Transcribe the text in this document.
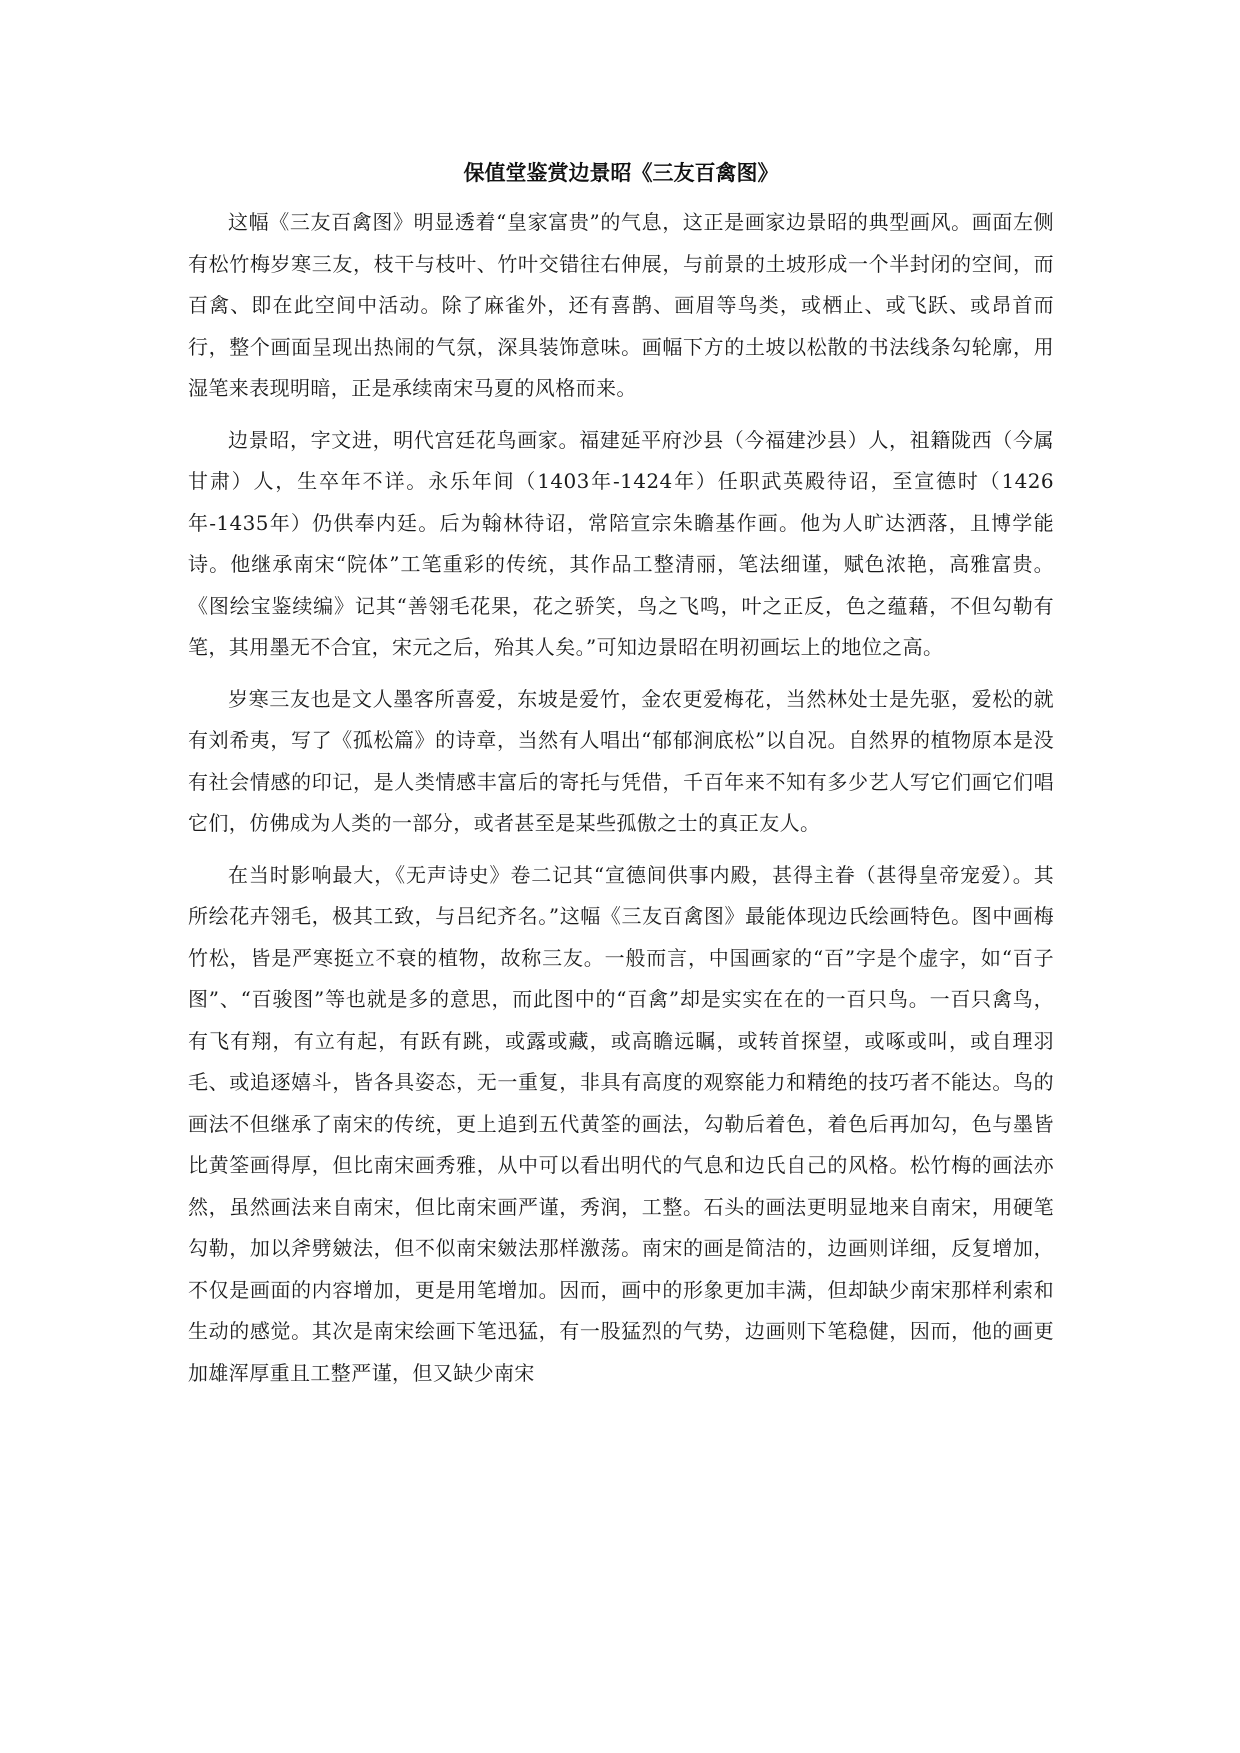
保值堂鉴赏边景昭《三友百禽图》

这幅《三友百禽图》明显透着“皇家富贵”的气息，这正是画家边景昭的典型画风。画面左侧有松竹梅岁寒三友，枝干与枝叶、竹叶交错往右伸展，与前景的土坡形成一个半封闭的空间，而百禽、即在此空间中活动。除了麻雀外，还有喜鹊、画眉等鸟类，或栖止、或飞跃、或昂首而行，整个画面呈现出热闹的气氛，深具装饰意味。画幅下方的土坡以松散的书法线条勾轮廓，用湿笔来表现明暗，正是承续南宋马夏的风格而来。

边景昭，字文进，明代宫廷花鸟画家。福建延平府沙县（今福建沙县）人，祖籍陇西（今属甘肃）人，生卒年不详。永乐年间（1403年-1424年）任职武英殿待诏，至宣德时（1426年-1435年）仍供奉内廷。后为翰林待诏，常陪宣宗朱瞻基作画。他为人旷达洒落，且博学能诗。他继承南宋“院体”工笔重彩的传统，其作品工整清丽，笔法细谨，赋色浓艳，高雅富贵。《图绘宝鉴续编》记其“善翎毛花果，花之骄笑，鸟之飞鸣，叶之正反，色之蕴藉，不但勾勒有笔，其用墨无不合宜，宋元之后，殆其人矣。”可知边景昭在明初画坛上的地位之高。

岁寒三友也是文人墨客所喜爱，东坡是爱竹，金农更爱梅花，当然林处士是先驱，爱松的就有刘希夷，写了《孤松篇》的诗章，当然有人唱出“郁郁涧底松”以自况。自然界的植物原本是没有社会情感的印记，是人类情感丰富后的寄托与凭借，千百年来不知有多少艺人写它们画它们唱它们，仿佛成为人类的一部分，或者甚至是某些孤傲之士的真正友人。

在当时影响最大，《无声诗史》卷二记其“宣德间供事内殿，甚得主眷（甚得皇帝宠爱）。其所绘花卉翎毛，极其工致，与吕纪齐名。”这幅《三友百禽图》最能体现边氏绘画特色。图中画梅竹松，皆是严寒挺立不衰的植物，故称三友。一般而言，中国画家的“百”字是个虚字，如“百子图”、“百骏图”等也就是多的意思，而此图中的“百禽”却是实实在在的一百只鸟。一百只禽鸟，有飞有翔，有立有起，有跃有跳，或露或藏，或高瞻远瞩，或转首探望，或啄或叫，或自理羽毛、或追逐嬉斗，皆各具姿态，无一重复，非具有高度的观察能力和精绝的技巧者不能达。鸟的画法不但继承了南宋的传统，更上追到五代黄筌的画法，勾勒后着色，着色后再加勾，色与墨皆比黄筌画得厚，但比南宋画秀雅，从中可以看出明代的气息和边氏自己的风格。松竹梅的画法亦然，虽然画法来自南宋，但比南宋画严谨，秀润，工整。石头的画法更明显地来自南宋，用硬笔勾勒，加以斧劈皴法，但不似南宋皴法那样激荡。南宋的画是简洁的，边画则详细，反复增加，不仅是画面的内容增加，更是用笔增加。因而，画中的形象更加丰满，但却缺少南宋那样利索和生动的感觉。其次是南宋绘画下笔迅猛，有一股猛烈的气势，边画则下笔稳健，因而，他的画更加雄浑厚重且工整严谨，但又缺少南宋
